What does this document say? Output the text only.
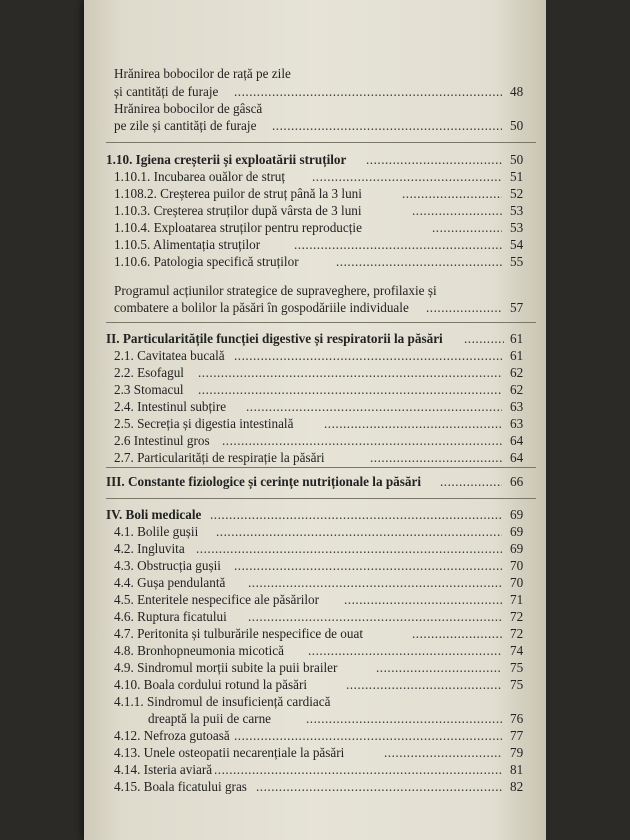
Hrănirea bobocilor de rață pe zile
și cantități de furaje .....	48
Hrănirea bobocilor de gâscă
pe zile și cantități de furaje .....	50
1.10. Igiena creșterii și exploatării struților .....	50
1.10.1. Incubarea ouălor de struț .....	51
1.108.2. Creșterea puilor de struț până la 3 luni .....	52
1.10.3. Creșterea struților după vârsta de 3 luni .....	53
1.10.4. Exploatarea struților pentru reproducție .....	53
1.10.5. Alimentația struților .....	54
1.10.6. Patologia specifică struților .....	55
Programul acțiunilor strategice de supraveghere, profilaxie și
combatere a bolilor la păsări în gospodăriile individuale .....	57
II. Particularitățile funcției digestive și respiratorii la păsări .....	61
2.1. Cavitatea bucală .....	61
2.2. Esofagul .....	62
2.3 Stomacul .....	62
2.4. Intestinul subțire .....	63
2.5. Secreția și digestia intestinală .....	63
2.6 Intestinul gros .....	64
2.7. Particularități de respirație la păsări .....	64
III. Constante fiziologice și cerințe nutriționale la păsări .....	66
IV. Boli medicale .....	69
4.1. Bolile gușii .....	69
4.2. Ingluvita .....	69
4.3. Obstrucția gușii .....	70
4.4. Gușa pendulantă .....	70
4.5. Enteritele nespecifice ale păsărilor .....	71
4.6. Ruptura ficatului .....	72
4.7. Peritonita și tulburările nespecifice de ouat .....	72
4.8. Bronhopneumonia micotică .....	74
4.9. Sindromul morții subite la puii brailer .....	75
4.10. Boala cordului rotund la păsări .....	75
4.1.1. Sindromul de insuficiență cardiacă
dreaptă la puii de carne .....	76
4.12. Nefroza gutoasă .....	77
4.13. Unele osteopatii necarențiale la păsări .....	79
4.14. Isteria aviară .....	81
4.15. Boala ficatului gras .....	82
